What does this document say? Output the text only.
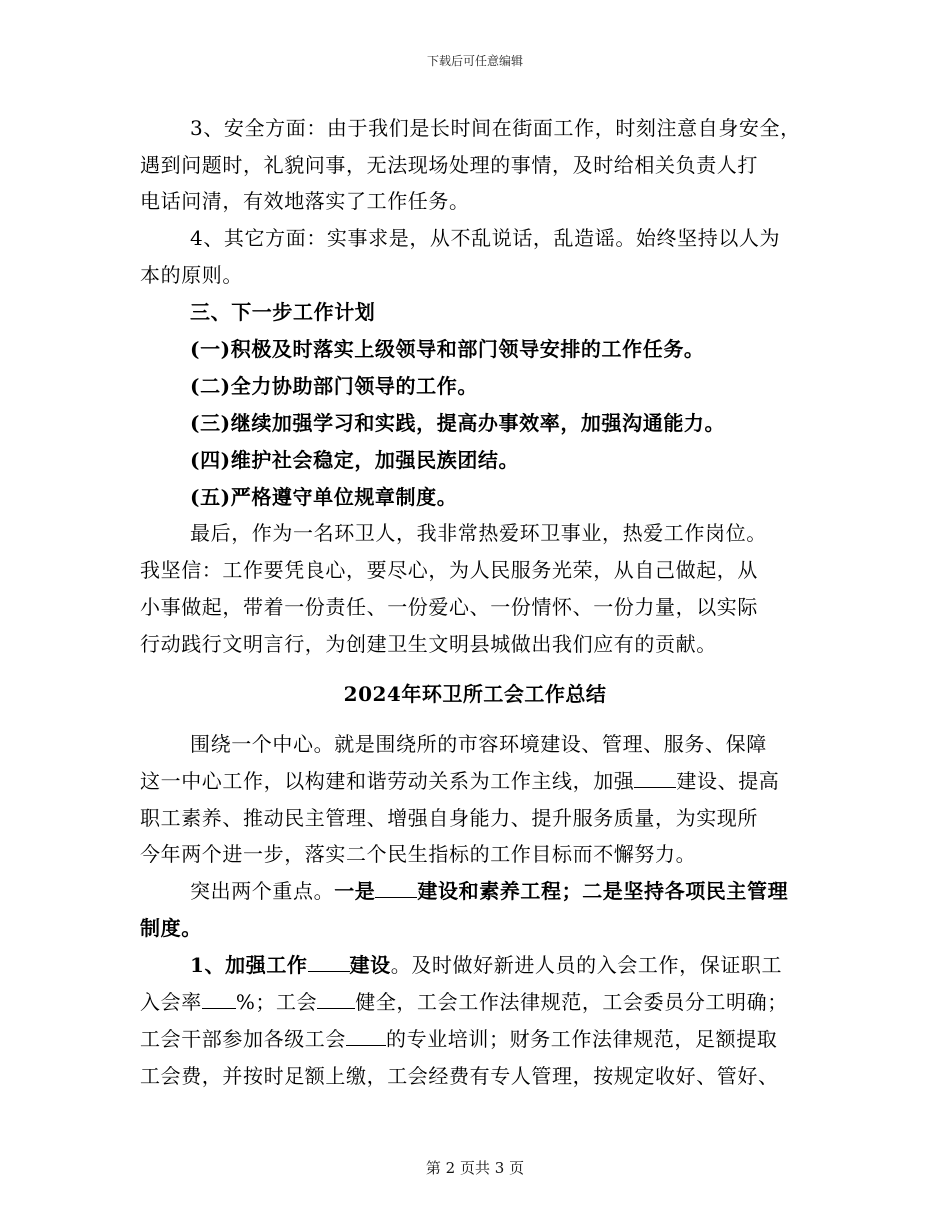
下载后可任意编辑
3、安全方面：由于我们是长时间在街面工作，时刻注意自身安全，
遇到问题时，礼貌问事，无法现场处理的事情，及时给相关负责人打
电话问清，有效地落实了工作任务。
4、其它方面：实事求是，从不乱说话，乱造谣。始终坚持以人为
本的原则。
三、下一步工作计划
(一)积极及时落实上级领导和部门领导安排的工作任务。
(二)全力协助部门领导的工作。
(三)继续加强学习和实践，提高办事效率，加强沟通能力。
(四)维护社会稳定，加强民族团结。
(五)严格遵守单位规章制度。
最后，作为一名环卫人，我非常热爱环卫事业，热爱工作岗位。
我坚信：工作要凭良心，要尽心，为人民服务光荣，从自己做起，从
小事做起，带着一份责任、一份爱心、一份情怀、一份力量，以实际
行动践行文明言行，为创建卫生文明县城做出我们应有的贡献。
2024年环卫所工会工作总结
围绕一个中心。就是围绕所的市容环境建设、管理、服务、保障
这一中心工作，以构建和谐劳动关系为工作主线，加强 建设、提高
职工素养、推动民主管理、增强自身能力、提升服务质量，为实现所
今年两个进一步，落实二个民生指标的工作目标而不懈努力。
突出两个重点。一是 建设和素养工程；二是坚持各项民主管理
制度。
1、加强工作 建设。及时做好新进人员的入会工作，保证职工
入会率 %；工会 健全，工会工作法律规范，工会委员分工明确；
工会干部参加各级工会 的专业培训；财务工作法律规范，足额提取
工会费，并按时足额上缴，工会经费有专人管理，按规定收好、管好、
第 2 页共 3 页
